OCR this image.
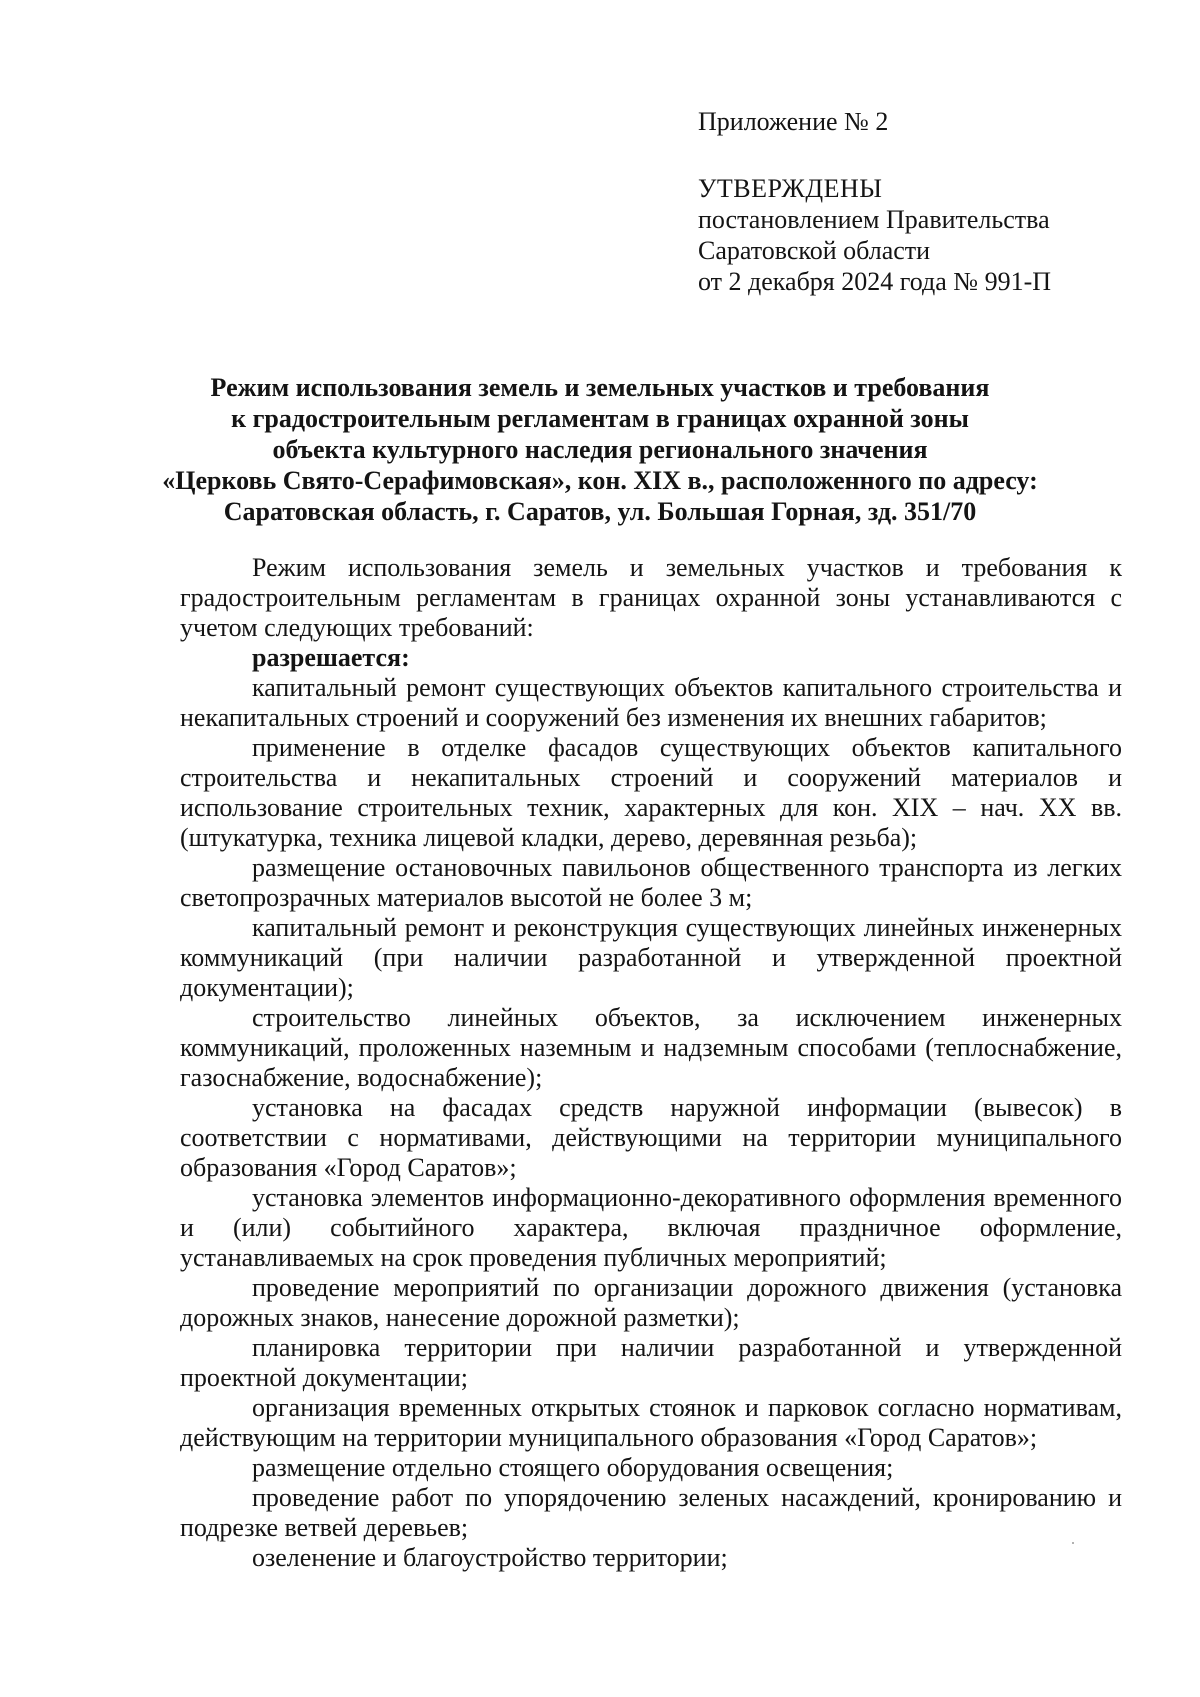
Приложение № 2
УТВЕРЖДЕНЫ
постановлением Правительства
Саратовской области
от 2 декабря 2024 года № 991-П
Режим использования земель и земельных участков и требования
к градостроительным регламентам в границах охранной зоны
объекта культурного наследия регионального значения
«Церковь Свято-Серафимовская», кон. XIX в., расположенного по адресу:
Саратовская область, г. Саратов, ул. Большая Горная, зд. 351/70

Режим использования земель и земельных участков и требования к градостроительным регламентам в границах охранной зоны устанавливаются с учетом следующих требований:

разрешается:

капитальный ремонт существующих объектов капитального строительства и некапитальных строений и сооружений без изменения их внешних габаритов;

применение в отделке фасадов существующих объектов капитального строительства и некапитальных строений и сооружений материалов и использование строительных техник, характерных для кон. XIX – нач. XX вв. (штукатурка, техника лицевой кладки, дерево, деревянная резьба);

размещение остановочных павильонов общественного транспорта из легких светопрозрачных материалов высотой не более 3 м;

капитальный ремонт и реконструкция существующих линейных инженерных коммуникаций (при наличии разработанной и утвержденной проектной документации);

строительство линейных объектов, за исключением инженерных коммуникаций, проложенных наземным и надземным способами (теплоснабжение, газоснабжение, водоснабжение);

установка на фасадах средств наружной информации (вывесок) в соответствии с нормативами, действующими на территории муниципального образования «Город Саратов»;

установка элементов информационно-декоративного оформления временного и (или) событийного характера, включая праздничное оформление, устанавливаемых на срок проведения публичных мероприятий;

проведение мероприятий по организации дорожного движения (установка дорожных знаков, нанесение дорожной разметки);

планировка территории при наличии разработанной и утвержденной проектной документации;

организация временных открытых стоянок и парковок согласно нормативам, действующим на территории муниципального образования «Город Саратов»;

размещение отдельно стоящего оборудования освещения;

проведение работ по упорядочению зеленых насаждений, кронированию и подрезке ветвей деревьев;

озеленение и благоустройство территории;
